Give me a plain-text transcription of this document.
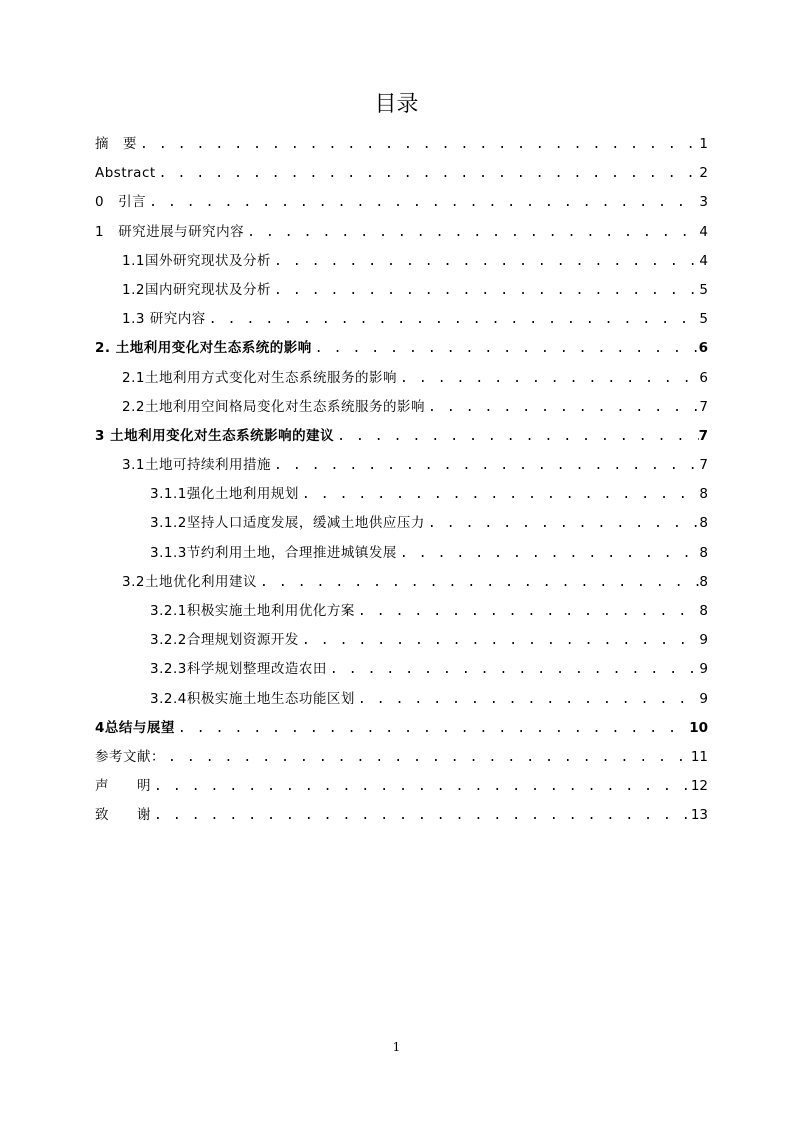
目录
摘　要 . . .	1
Abstract . . .	2
0　引言 . . .	3
1　研究进展与研究内容 . . .	4
1.1国外研究现状及分析 . . .	4
1.2国内研究现状及分析 . . .	5
1.3 研究内容 . . .	5
2. 土地利用变化对生态系统的影响 . . .	6
2.1土地利用方式变化对生态系统服务的影响 . . .	6
2.2土地利用空间格局变化对生态系统服务的影响 . . .	7
3 土地利用变化对生态系统影响的建议 . . .	7
3.1土地可持续利用措施 . . .	7
3.1.1强化土地利用规划 . . .	8
3.1.2坚持人口适度发展，缓减土地供应压力 . . .	8
3.1.3节约利用土地，合理推进城镇发展 . . .	8
3.2土地优化利用建议 . . .	8
3.2.1积极实施土地利用优化方案 . . .	8
3.2.2合理规划资源开发 . . .	9
3.2.3科学规划整理改造农田 . . .	9
3.2.4积极实施土地生态功能区划 . . .	9
4总结与展望 . . .	10
参考文献： . . .	11
声　　明 . . .	12
致　　谢 . . .	13
1
